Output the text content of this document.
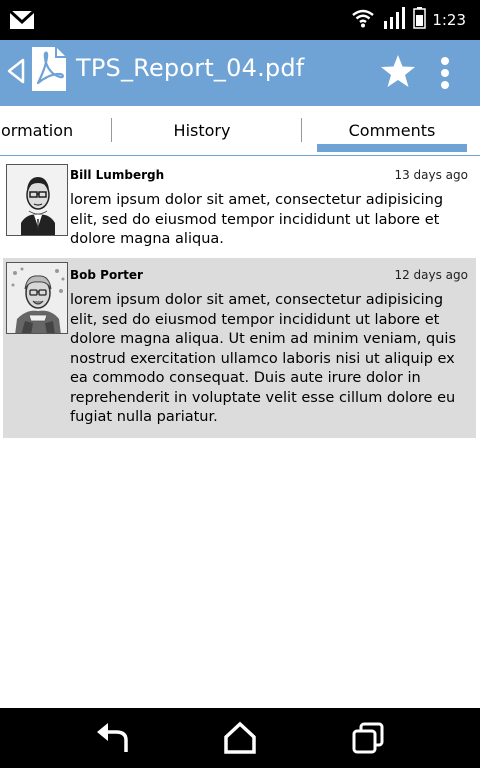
1:23
TPS_Report_04.pdf
ormation	History	Comments
Bill Lumbergh	13 days ago
lorem ipsum dolor sit amet, consectetur adipisicing elit, sed do eiusmod tempor incididunt ut labore et dolore magna aliqua.
Bob Porter	12 days ago
lorem ipsum dolor sit amet, consectetur adipisicing elit, sed do eiusmod tempor incididunt ut labore et dolore magna aliqua. Ut enim ad minim veniam, quis nostrud exercitation ullamco laboris nisi ut aliquip ex ea commodo consequat. Duis aute irure dolor in reprehenderit in voluptate velit esse cillum dolore eu fugiat nulla pariatur.
